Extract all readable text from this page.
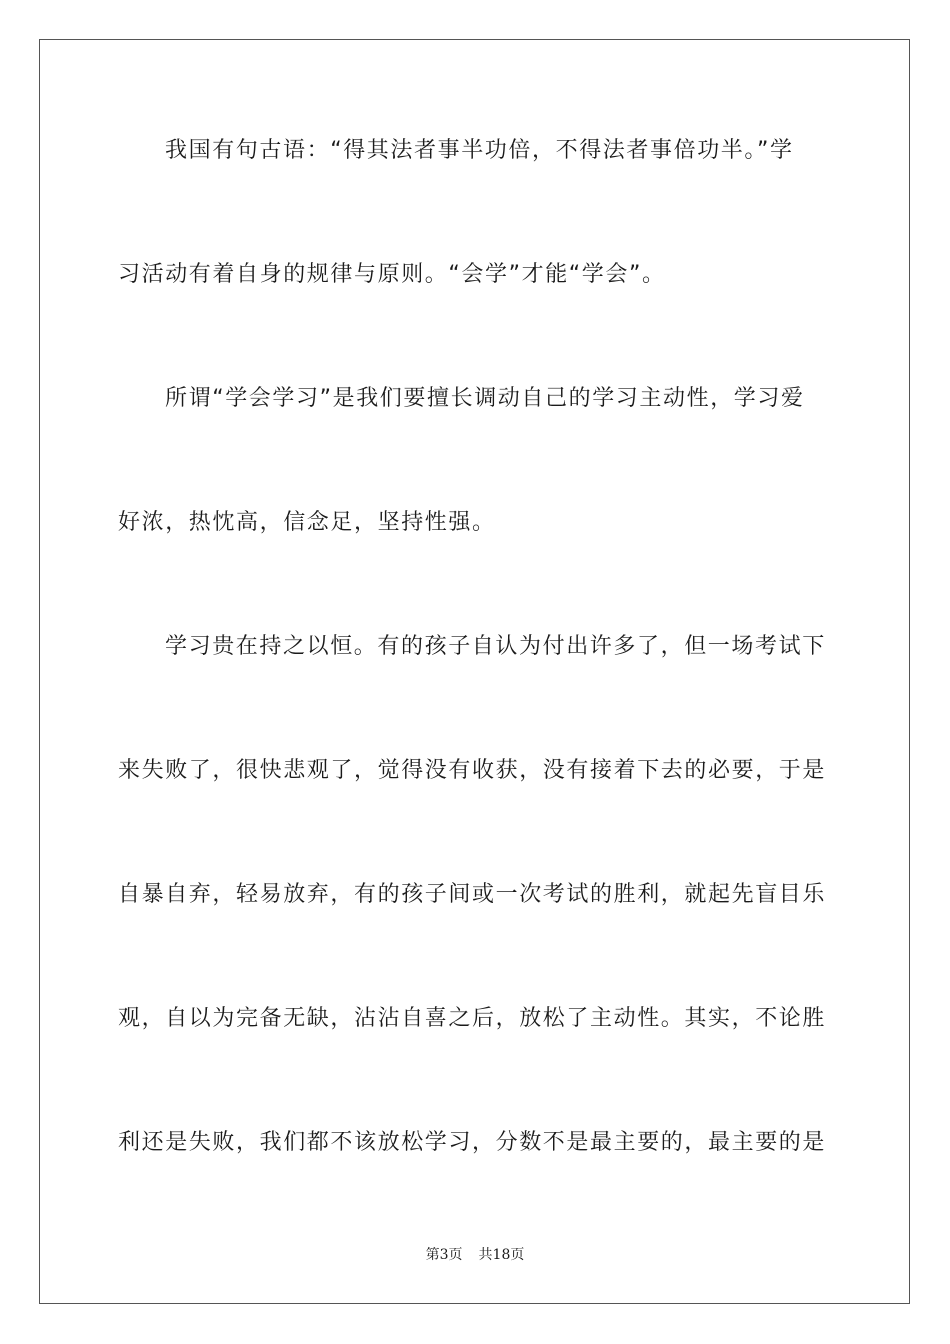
我国有句古语：“得其法者事半功倍，不得法者事倍功半。”学
习活动有着自身的规律与原则。“会学”才能“学会”。
所谓“学会学习”是我们要擅长调动自己的学习主动性，学习爱
好浓，热忱高，信念足，坚持性强。
学习贵在持之以恒。有的孩子自认为付出许多了，但一场考试下
来失败了，很快悲观了，觉得没有收获，没有接着下去的必要，于是
自暴自弃，轻易放弃，有的孩子间或一次考试的胜利，就起先盲目乐
观，自以为完备无缺，沾沾自喜之后，放松了主动性。其实，不论胜
利还是失败，我们都不该放松学习，分数不是最主要的，最主要的是
第3页 共18页
